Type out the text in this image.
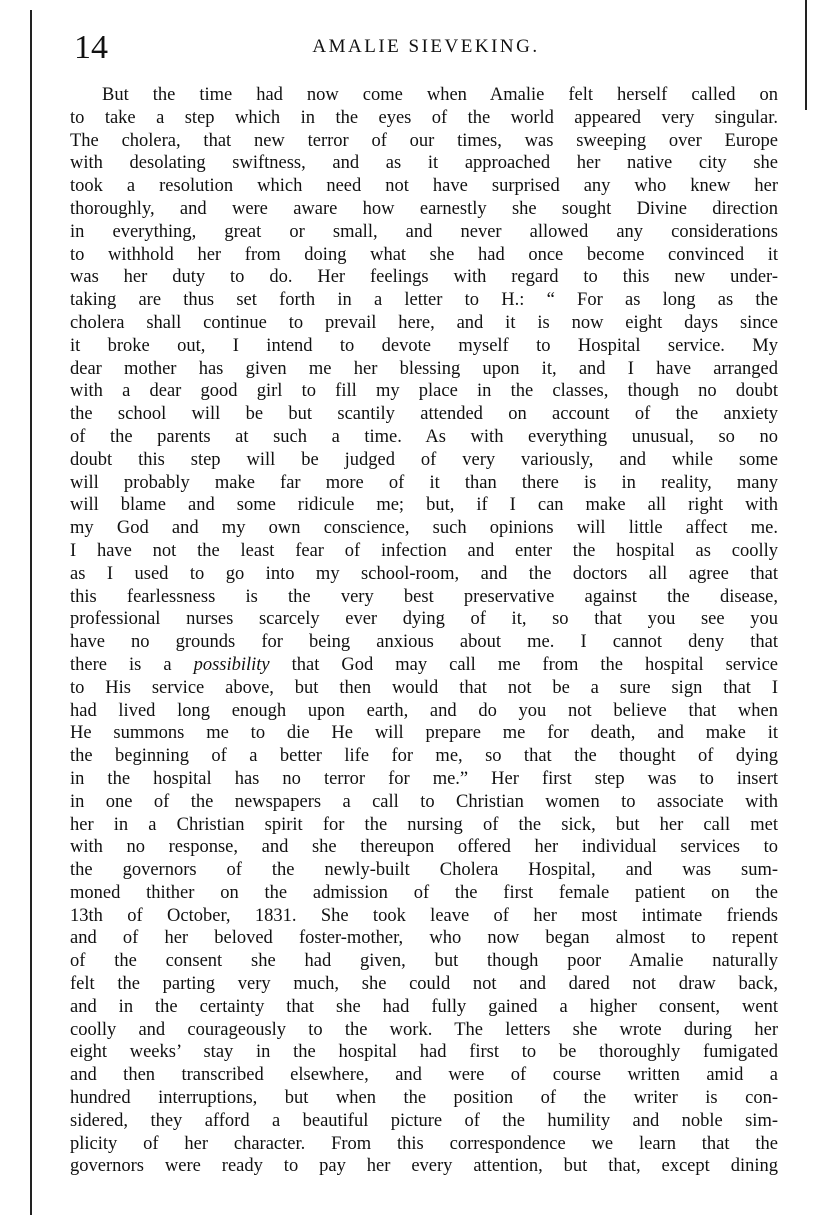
14	AMALIE SIEVEKING.
But the time had now come when Amalie felt herself called on
to take a step which in the eyes of the world appeared very singular.
The cholera, that new terror of our times, was sweeping over Europe
with desolating swiftness, and as it approached her native city she
took a resolution which need not have surprised any who knew her
thoroughly, and were aware how earnestly she sought Divine direction
in everything, great or small, and never allowed any considerations
to withhold her from doing what she had once become convinced it
was her duty to do. Her feelings with regard to this new under-
taking are thus set forth in a letter to H.: “ For as long as the
cholera shall continue to prevail here, and it is now eight days since
it broke out, I intend to devote myself to Hospital service. My
dear mother has given me her blessing upon it, and I have arranged
with a dear good girl to fill my place in the classes, though no doubt
the school will be but scantily attended on account of the anxiety
of the parents at such a time. As with everything unusual, so no
doubt this step will be judged of very variously, and while some
will probably make far more of it than there is in reality, many
will blame and some ridicule me; but, if I can make all right with
my God and my own conscience, such opinions will little affect me.
I have not the least fear of infection and enter the hospital as coolly
as I used to go into my school-room, and the doctors all agree that
this fearlessness is the very best preservative against the disease,
professional nurses scarcely ever dying of it, so that you see you
have no grounds for being anxious about me. I cannot deny that
there is a possibility that God may call me from the hospital service
to His service above, but then would that not be a sure sign that I
had lived long enough upon earth, and do you not believe that when
He summons me to die He will prepare me for death, and make it
the beginning of a better life for me, so that the thought of dying
in the hospital has no terror for me.” Her first step was to insert
in one of the newspapers a call to Christian women to associate with
her in a Christian spirit for the nursing of the sick, but her call met
with no response, and she thereupon offered her individual services to
the governors of the newly-built Cholera Hospital, and was sum-
moned thither on the admission of the first female patient on the
13th of October, 1831. She took leave of her most intimate friends
and of her beloved foster-mother, who now began almost to repent
of the consent she had given, but though poor Amalie naturally
felt the parting very much, she could not and dared not draw back,
and in the certainty that she had fully gained a higher consent, went
coolly and courageously to the work. The letters she wrote during her
eight weeks’ stay in the hospital had first to be thoroughly fumigated
and then transcribed elsewhere, and were of course written amid a
hundred interruptions, but when the position of the writer is con-
sidered, they afford a beautiful picture of the humility and noble sim-
plicity of her character. From this correspondence we learn that the
governors were ready to pay her every attention, but that, except dining
